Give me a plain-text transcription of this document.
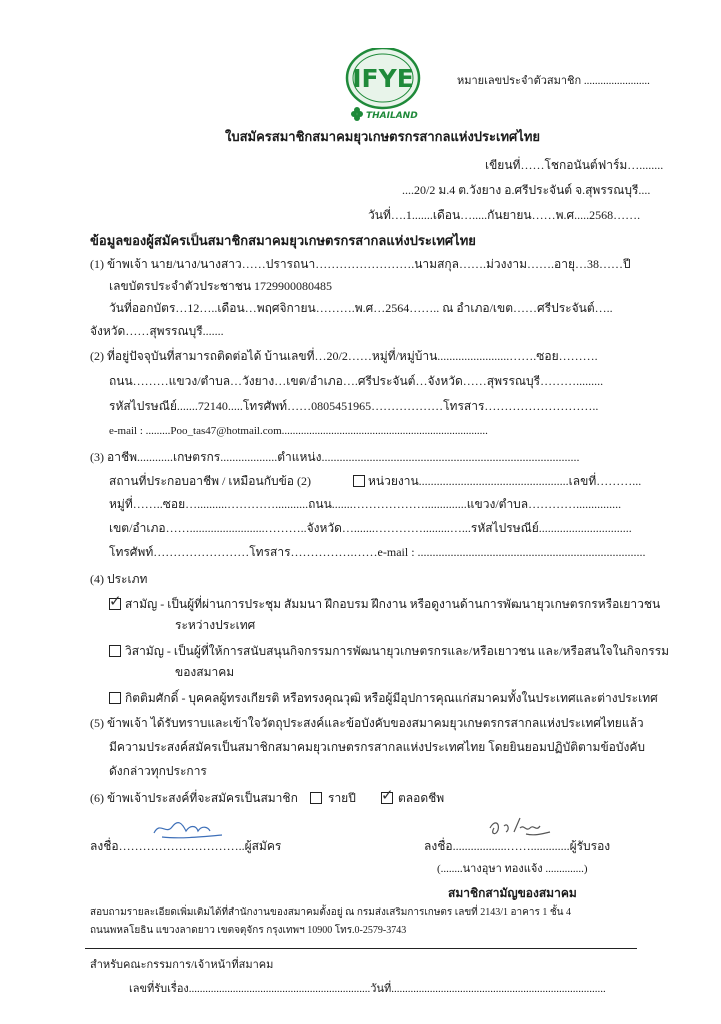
IFYE
THAILAND
หมายเลขประจำตัวสมาชิก ........................
ใบสมัครสมาชิกสมาคมยุวเกษตรกรสากลแห่งประเทศไทย
เขียนที่……โชกอนันต์ฟาร์ม…........
....20/2 ม.4 ต.วังยาง อ.ศรีประจันต์ จ.สุพรรณบุรี....
วันที่….1.......เดือน….....กันยายน……พ.ศ.....2568…….
ข้อมูลของผู้สมัครเป็นสมาชิกสมาคมยุวเกษตรกรสากลแห่งประเทศไทย
(1) ข้าพเจ้า นาย/นาง/นางสาว……ปรารถนา…………………….นามสกุล…….ม่วงงาม…….อายุ…38……ปี
เลขบัตรประจำตัวประชาชน 1729900080485
วันที่ออกบัตร…12…..เดือน…พฤศจิกายน……….พ.ศ…2564…….. ณ อำเภอ/เขต……ศรีประจันต์…..
จังหวัด……สุพรรณบุรี.......
(2) ที่อยู่ปัจจุบันที่สามารถติดต่อได้ บ้านเลขที่…20/2……หมู่ที่/หมู่บ้าน........................…….ซอย……….
ถนน………แขวง/ตำบล…วังยาง…เขต/อำเภอ….ศรีประจันต์…จังหวัด……สุพรรณบุรี……….........
รหัสไปรษณีย์.......72140.....โทรศัพท์……0805451965………………โทรสาร………………………..
e-mail : .........Poo_tas47@hotmail.com...........................................................................
(3) อาชีพ............เกษตรกร...................ตำแหน่ง......................................................................................
สถานที่ประกอบอาชีพ / เหมือนกับข้อ (2)	หน่วยงาน..................................................เลขที่………...
หมู่ที่……..ซอย…..........…………...........ถนน.......………………..............แขวง/ตำบล…………...............
เขต/อำเภอ…….........................………..จังหวัด….......………….........…...รหัสไปรษณีย์...............................
โทรศัพท์……………………โทรสาร…………….……e-mail : ............................................................................
(4) ประเภท
✓ สามัญ - เป็นผู้ที่ผ่านการประชุม สัมมนา ฝึกอบรม ฝึกงาน หรือดูงานด้านการพัฒนายุวเกษตรกรหรือเยาวชน
ระหว่างประเทศ
วิสามัญ - เป็นผู้ที่ให้การสนับสนุนกิจกรรมการพัฒนายุวเกษตรกรและ/หรือเยาวชน และ/หรือสนใจในกิจกรรม
ของสมาคม
กิตติมศักดิ์ - บุคคลผู้ทรงเกียรติ หรือทรงคุณวุฒิ หรือผู้มีอุปการคุณแก่สมาคมทั้งในประเทศและต่างประเทศ
(5) ข้าพเจ้า ได้รับทราบและเข้าใจวัตถุประสงค์และข้อบังคับของสมาคมยุวเกษตรกรสากลแห่งประเทศไทยแล้ว
มีความประสงค์สมัครเป็นสมาชิกสมาคมยุวเกษตรกรสากลแห่งประเทศไทย โดยยินยอมปฏิบัติตามข้อบังคับ
ดังกล่าวทุกประการ
(6) ข้าพเจ้าประสงค์ที่จะสมัครเป็นสมาชิก	รายปี ✓ ตลอดชีพ
ลงชื่อ…………………………..ผู้สมัคร	ลงชื่อ..................…….............ผู้รับรอง
(........นางอุษา ทองแจ้ง ..............)
สมาชิกสามัญของสมาคม
สอบถามรายละเอียดเพิ่มเติมได้ที่สำนักงานของสมาคมตั้งอยู่ ณ กรมส่งเสริมการเกษตร เลขที่ 2143/1 อาคาร 1 ชั้น 4
ถนนพหลโยธิน แขวงลาดยาว เขตจตุจักร กรุงเทพฯ 10900 โทร.0-2579-3743
สำหรับคณะกรรมการ/เจ้าหน้าที่สมาคม
เลขที่รับเรื่อง..................................................................วันที่..............................................................................
